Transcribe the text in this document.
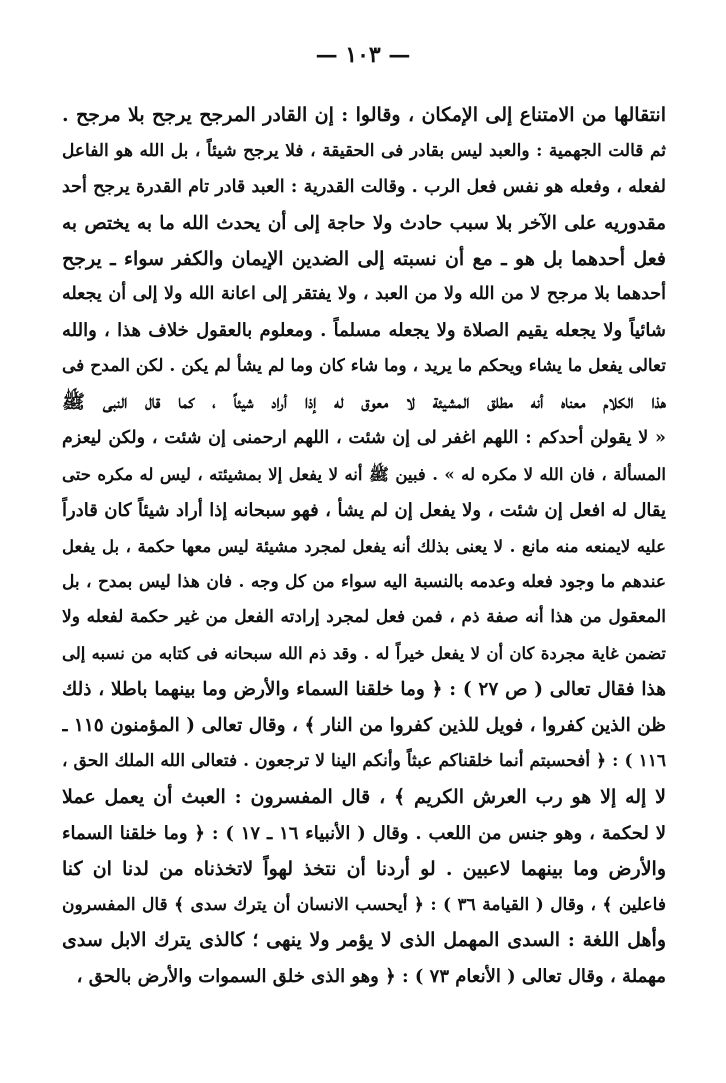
— ١٠٣ —
انتقالها من الامتناع إلى الإمكان ، وقالوا : إن القادر المرجح يرجح بلا مرجح .
ثم قالت الجهمية : والعبد ليس بقادر فى الحقيقة ، فلا يرجح شيئاً ، بل الله هو الفاعل
لفعله ، وفعله هو نفس فعل الرب . وقالت القدرية : العبد قادر تام القدرة يرجح أحد
مقدوريه على الآخر بلا سبب حادث ولا حاجة إلى أن يحدث الله ما به يختص به
فعل أحدهما بل هو ـ مع أن نسبته إلى الضدين الإيمان والكفر سواء ـ يرجح
أحدهما بلا مرجح لا من الله ولا من العبد ، ولا يفتقر إلى اعانة الله ولا إلى أن يجعله
شائياً ولا يجعله يقيم الصلاة ولا يجعله مسلماً . ومعلوم بالعقول خلاف هذا ، والله
تعالى يفعل ما يشاء ويحكم ما يريد ، وما شاء كان وما لم يشأ لم يكن . لكن المدح فى
هذا الكلام معناه أنه مطلق المشيئة لا معوق له إذا أراد شيئاً ، كما قال النبى ﷺ
« لا يقولن أحدكم : اللهم اغفر لى إن شئت ، اللهم ارحمنى إن شئت ، ولكن ليعزم
المسألة ، فان الله لا مكره له » . فبين ﷺ أنه لا يفعل إلا بمشيئته ، ليس له مكره حتى
يقال له افعل إن شئت ، ولا يفعل إن لم يشأ ، فهو سبحانه إذا أراد شيئاً كان قادراً
عليه لايمنعه منه مانع . لا يعنى بذلك أنه يفعل لمجرد مشيئة ليس معها حكمة ، بل يفعل
عندهم ما وجود فعله وعدمه بالنسبة اليه سواء من كل وجه . فان هذا ليس بمدح ، بل
المعقول من هذا أنه صفة ذم ، فمن فعل لمجرد إرادته الفعل من غير حكمة لفعله ولا
تضمن غاية مجردة كان أن لا يفعل خيراً له . وقد ذم الله سبحانه فى كتابه من نسبه إلى
هذا فقال تعالى ( ص ٢٧ ) : ﴿ وما خلقنا السماء والأرض وما بينهما باطلا ، ذلك
ظن الذين كفروا ، فويل للذين كفروا من النار ﴾ ، وقال تعالى ( المؤمنون ١١٥ ـ
١١٦ ) : ﴿ أفحسبتم أنما خلقناكم عبثاً وأنكم الينا لا ترجعون . فتعالى الله الملك الحق ،
لا إله إلا هو رب العرش الكريم ﴾ ، قال المفسرون : العبث أن يعمل عملا
لا لحكمة ، وهو جنس من اللعب . وقال ( الأنبياء ١٦ ـ ١٧ ) : ﴿ وما خلقنا السماء
والأرض وما بينهما لاعبين . لو أردنا أن نتخذ لهواً لاتخذناه من لدنا ان كنا
فاعلين ﴾ ، وقال ( القيامة ٣٦ ) : ﴿ أيحسب الانسان أن يترك سدى ﴾ قال المفسرون
وأهل اللغة : السدى المهمل الذى لا يؤمر ولا ينهى ؛ كالذى يترك الابل سدى
مهملة ، وقال تعالى ( الأنعام ٧٣ ) : ﴿ وهو الذى خلق السموات والأرض بالحق ،
